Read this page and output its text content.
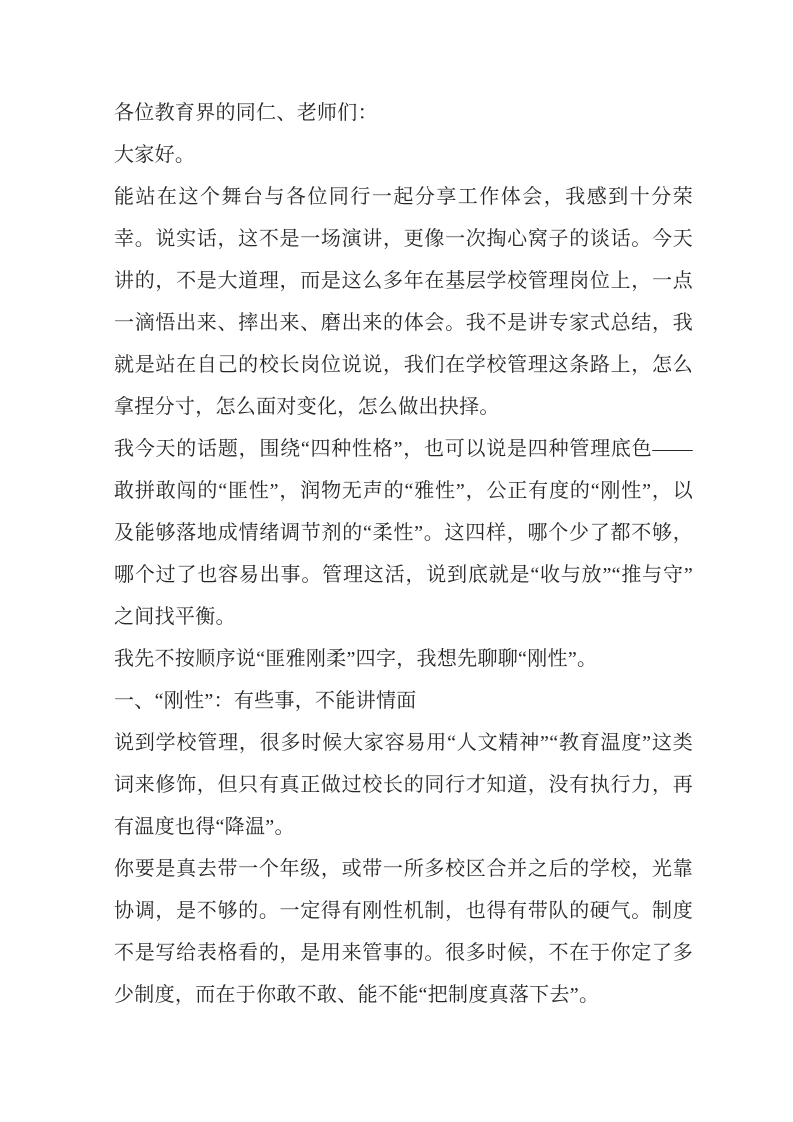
各位教育界的同仁、老师们：

大家好。

能站在这个舞台与各位同行一起分享工作体会，我感到十分荣幸。说实话，这不是一场演讲，更像一次掏心窝子的谈话。今天讲的，不是大道理，而是这么多年在基层学校管理岗位上，一点一滴悟出来、摔出来、磨出来的体会。我不是讲专家式总结，我就是站在自己的校长岗位说说，我们在学校管理这条路上，怎么拿捏分寸，怎么面对变化，怎么做出抉择。

我今天的话题，围绕“四种性格”，也可以说是四种管理底色——敢拼敢闯的“匪性”，润物无声的“雅性”，公正有度的“刚性”，以及能够落地成情绪调节剂的“柔性”。这四样，哪个少了都不够，哪个过了也容易出事。管理这活，说到底就是“收与放”“推与守”之间找平衡。

我先不按顺序说“匪雅刚柔”四字，我想先聊聊“刚性”。

一、“刚性”：有些事，不能讲情面

说到学校管理，很多时候大家容易用“人文精神”“教育温度”这类词来修饰，但只有真正做过校长的同行才知道，没有执行力，再有温度也得“降温”。

你要是真去带一个年级，或带一所多校区合并之后的学校，光靠协调，是不够的。一定得有刚性机制，也得有带队的硬气。制度不是写给表格看的，是用来管事的。很多时候，不在于你定了多少制度，而在于你敢不敢、能不能“把制度真落下去”。
